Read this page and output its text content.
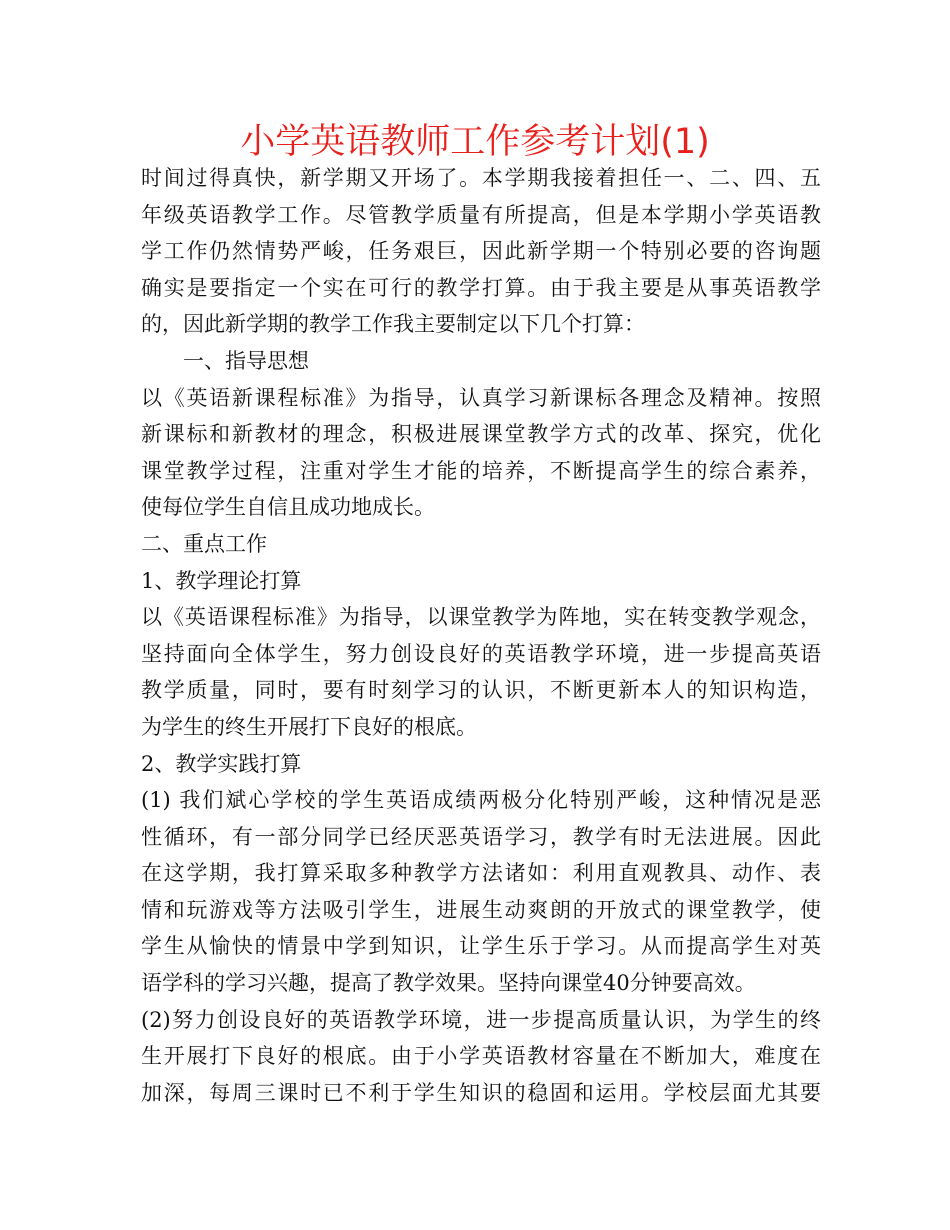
小学英语教师工作参考计划(1)
时间过得真快，新学期又开场了。本学期我接着担任一、二、四、五
年级英语教学工作。尽管教学质量有所提高，但是本学期小学英语教
学工作仍然情势严峻，任务艰巨，因此新学期一个特别必要的咨询题
确实是要指定一个实在可行的教学打算。由于我主要是从事英语教学
的，因此新学期的教学工作我主要制定以下几个打算：
一、指导思想
以《英语新课程标准》为指导，认真学习新课标各理念及精神。按照
新课标和新教材的理念，积极进展课堂教学方式的改革、探究，优化
课堂教学过程，注重对学生才能的培养，不断提高学生的综合素养，
使每位学生自信且成功地成长。
二、重点工作
1、教学理论打算
以《英语课程标准》为指导，以课堂教学为阵地，实在转变教学观念，
坚持面向全体学生，努力创设良好的英语教学环境，进一步提高英语
教学质量，同时，要有时刻学习的认识，不断更新本人的知识构造，
为学生的终生开展打下良好的根底。
2、教学实践打算
(1) 我们斌心学校的学生英语成绩两极分化特别严峻，这种情况是恶
性循环，有一部分同学已经厌恶英语学习，教学有时无法进展。因此
在这学期，我打算采取多种教学方法诸如：利用直观教具、动作、表
情和玩游戏等方法吸引学生，进展生动爽朗的开放式的课堂教学，使
学生从愉快的情景中学到知识，让学生乐于学习。从而提高学生对英
语学科的学习兴趣，提高了教学效果。坚持向课堂40分钟要高效。
(2)努力创设良好的英语教学环境，进一步提高质量认识，为学生的终
生开展打下良好的根底。由于小学英语教材容量在不断加大，难度在
加深，每周三课时已不利于学生知识的稳固和运用。学校层面尤其要
